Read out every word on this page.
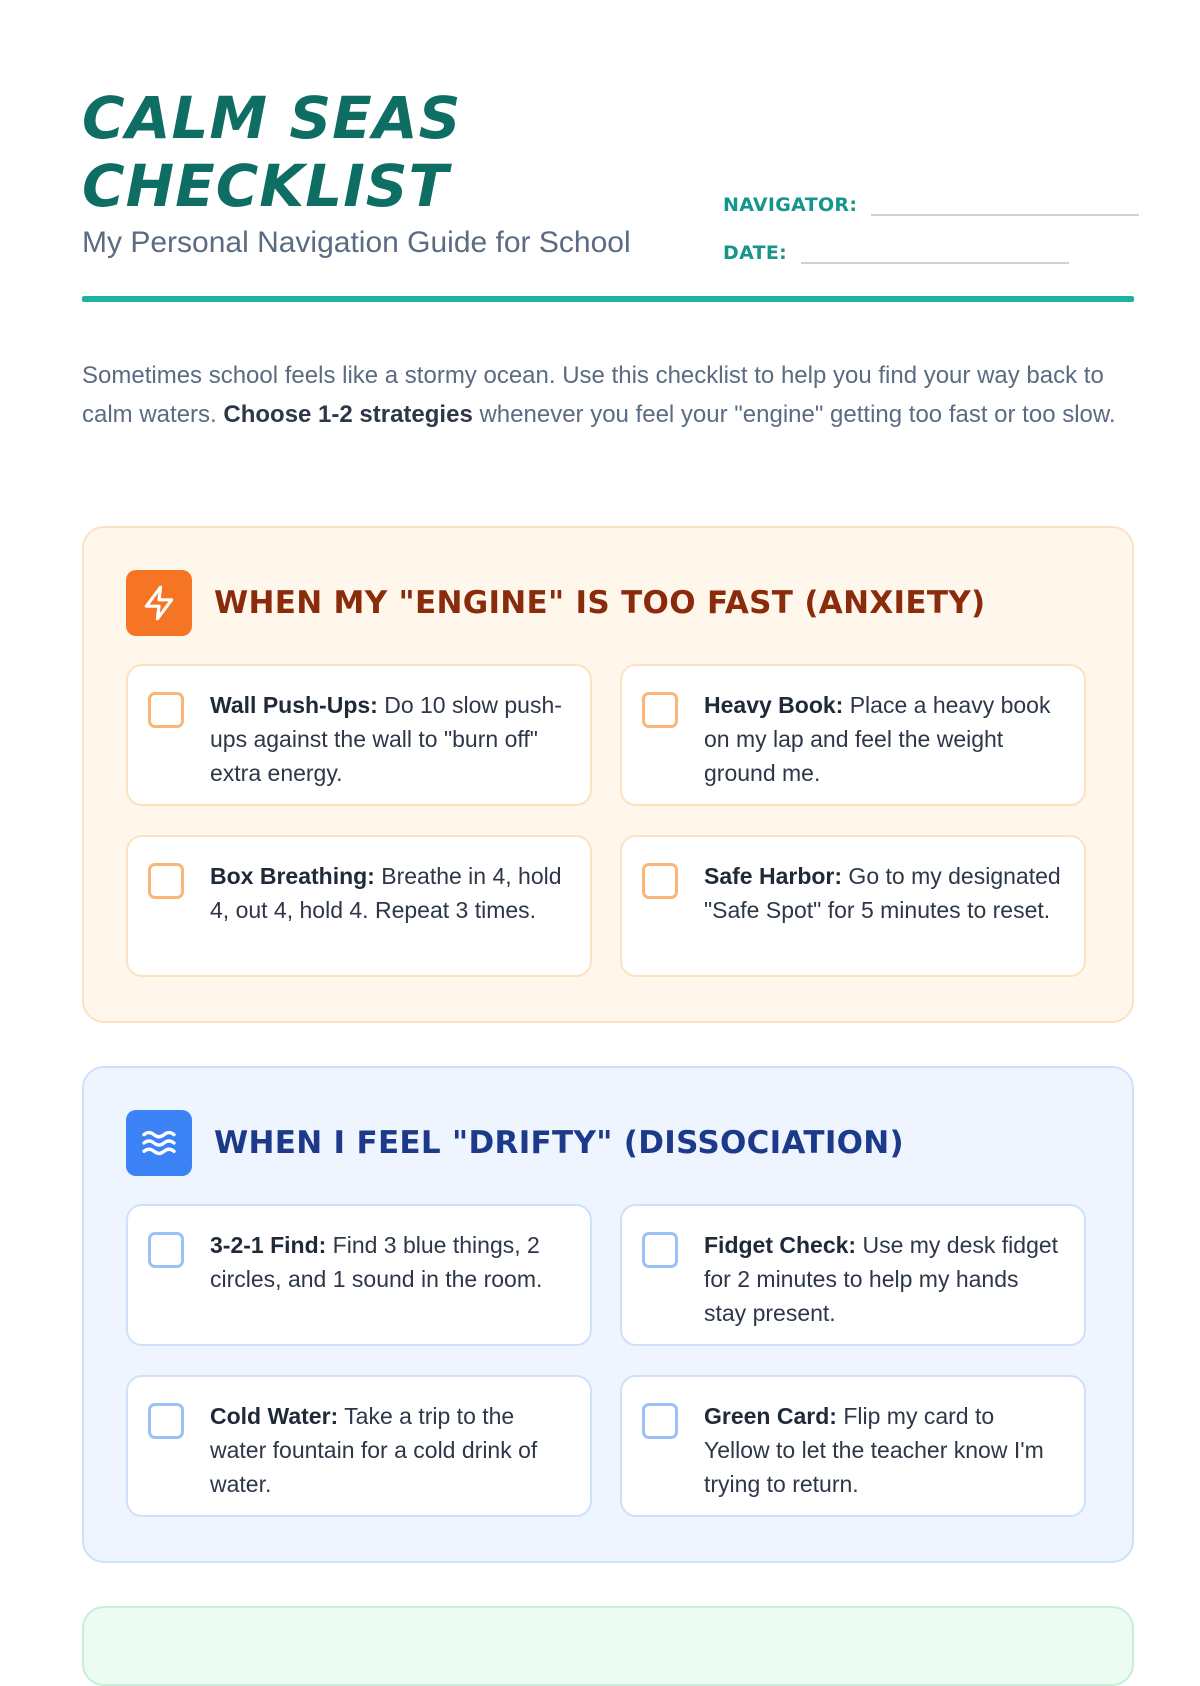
CALM SEAS CHECKLIST
My Personal Navigation Guide for School
NAVIGATOR:
DATE:

Sometimes school feels like a stormy ocean. Use this checklist to help you find your way back to calm waters. Choose 1-2 strategies whenever you feel your "engine" getting too fast or too slow.

WHEN MY "ENGINE" IS TOO FAST (ANXIETY)
Wall Push-Ups: Do 10 slow push-ups against the wall to "burn off" extra energy.
Heavy Book: Place a heavy book on my lap and feel the weight ground me.
Box Breathing: Breathe in 4, hold 4, out 4, hold 4. Repeat 3 times.
Safe Harbor: Go to my designated "Safe Spot" for 5 minutes to reset.
WHEN I FEEL "DRIFTY" (DISSOCIATION)
3-2-1 Find: Find 3 blue things, 2 circles, and 1 sound in the room.
Fidget Check: Use my desk fidget for 2 minutes to help my hands stay present.
Cold Water: Take a trip to the water fountain for a cold drink of water.
Green Card: Flip my card to Yellow to let the teacher know I'm trying to return.
